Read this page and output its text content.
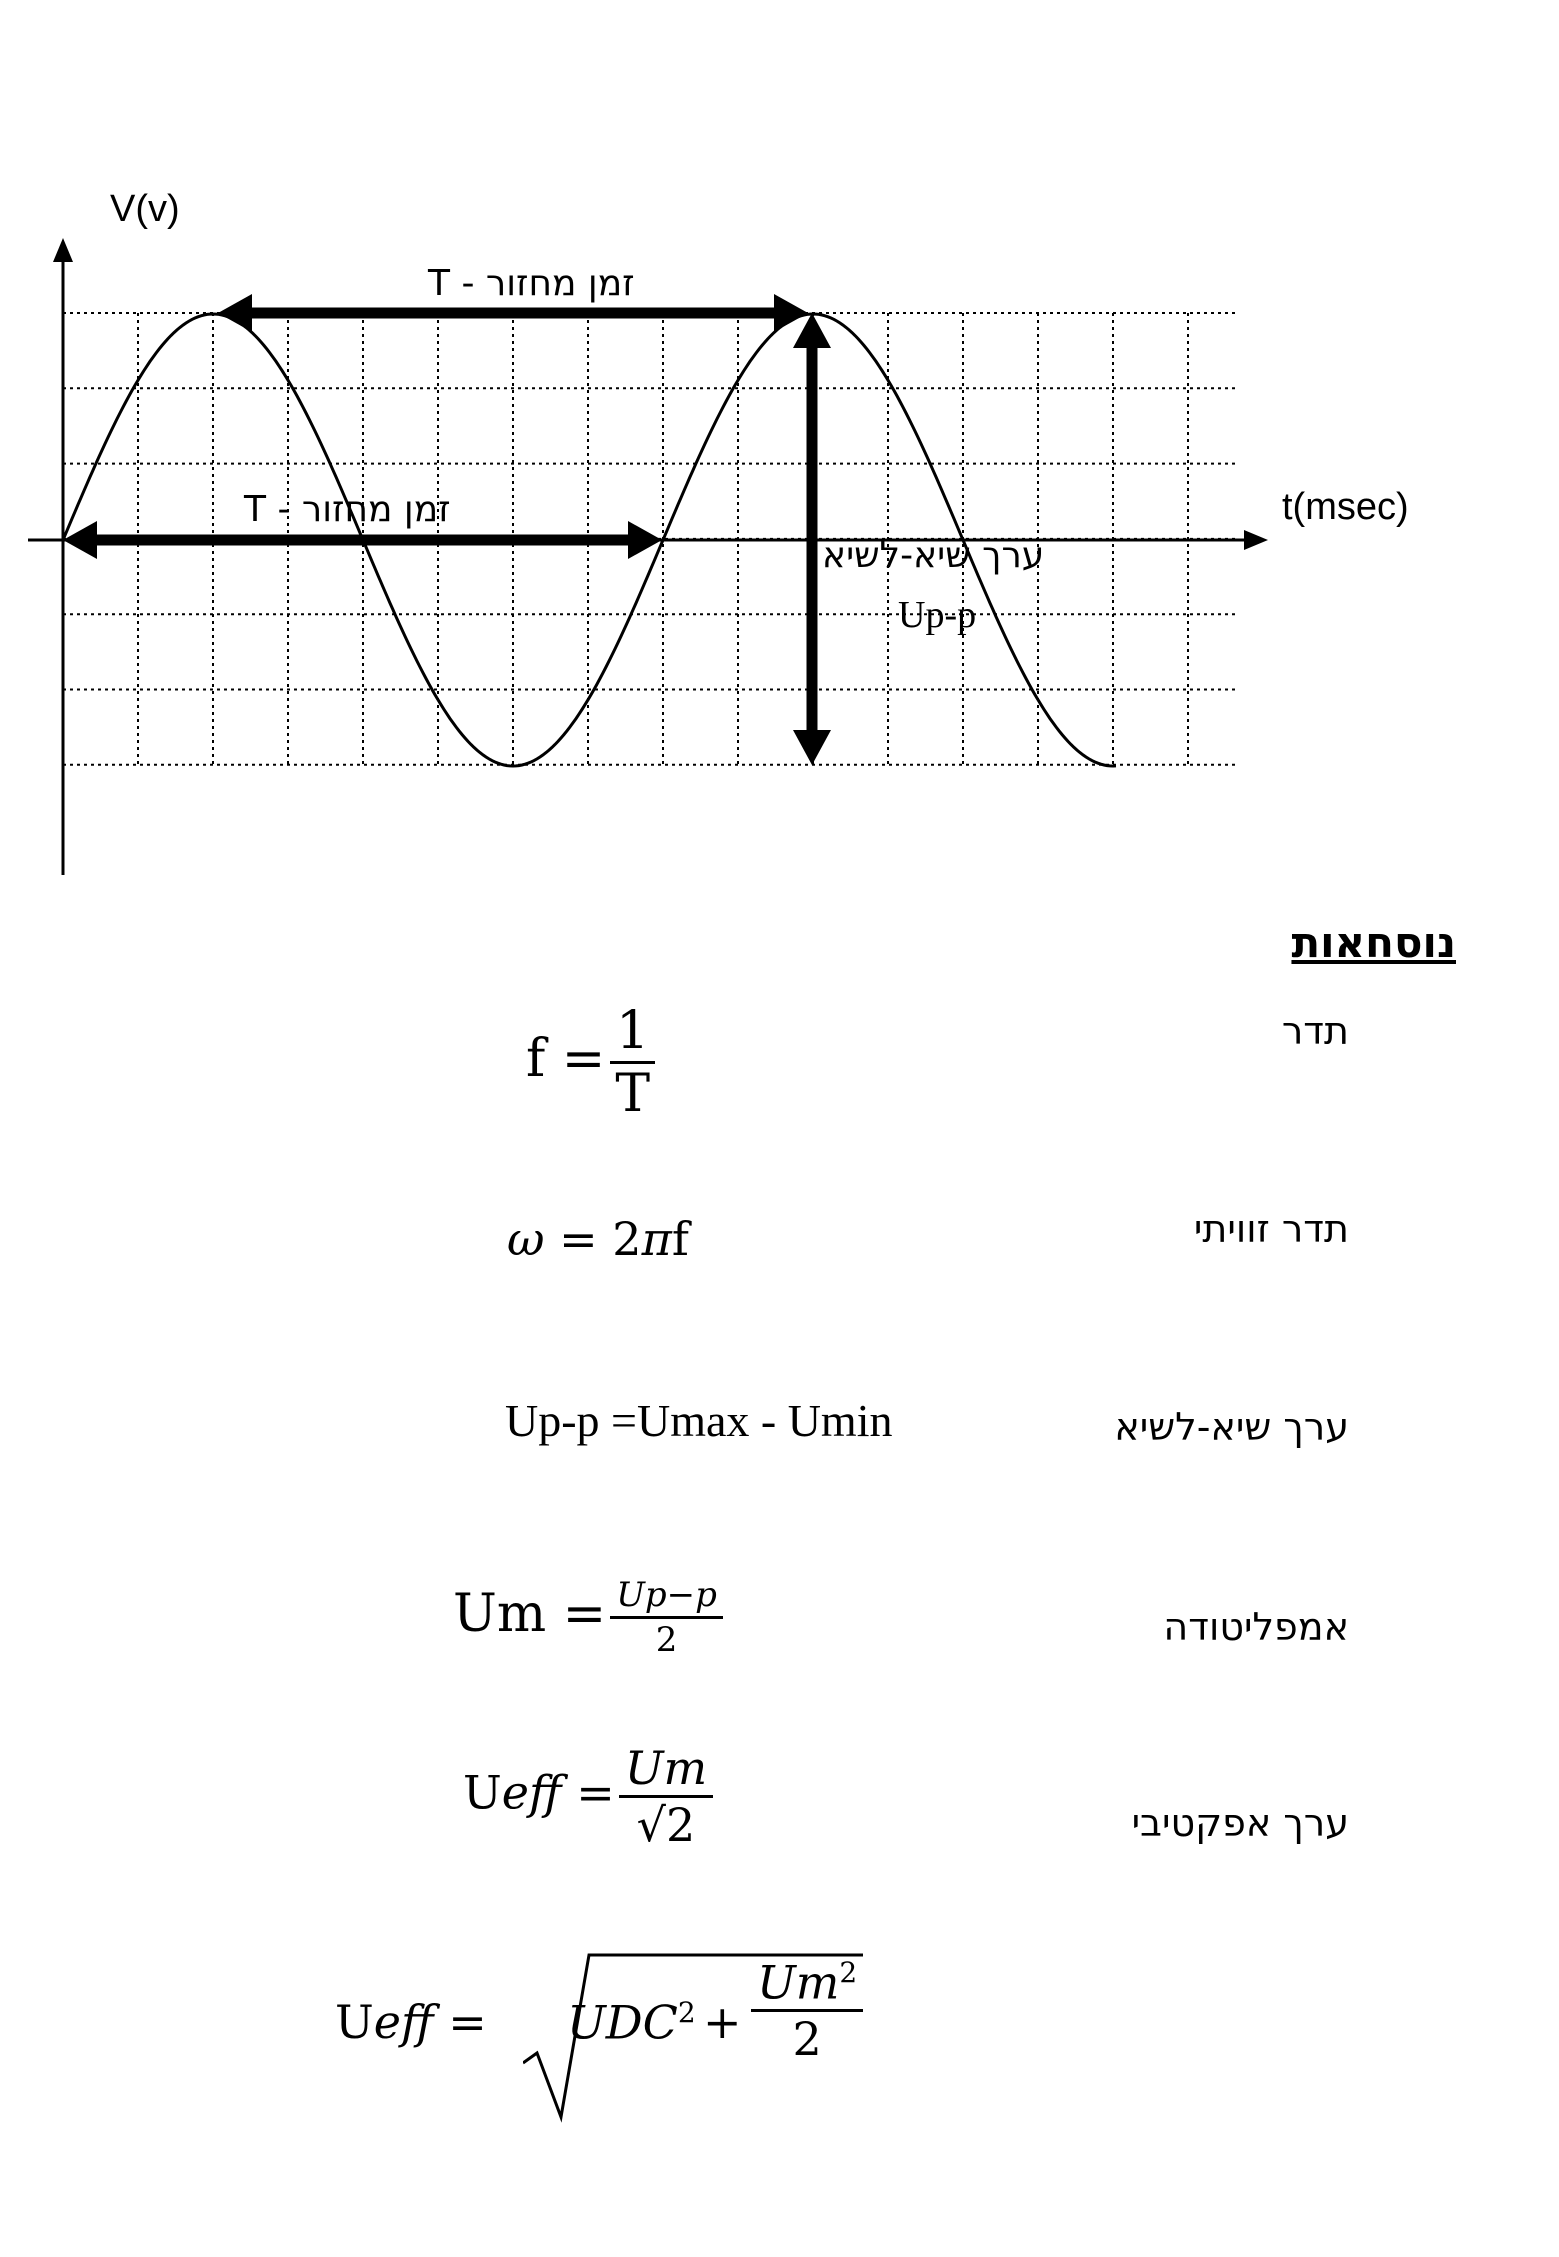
V(v)
t(msec)
זמן מחזור - T
זמן מחזור - T
ערך שיא-לשיא
Up-p
נוסחאות
תדר
$f = \frac{1}{T}$
תדר זוויתי
ω = 2πf
ערך שיא-לשיא
Up-p =Umax - Umin
אמפליטודה
$Um = \frac{Up-p}{2}$
ערך אפקטיבי
Ueff = $\frac{Um}{√2}$
Ueff = $UDC^2 + \frac{Um^2}{2}$
